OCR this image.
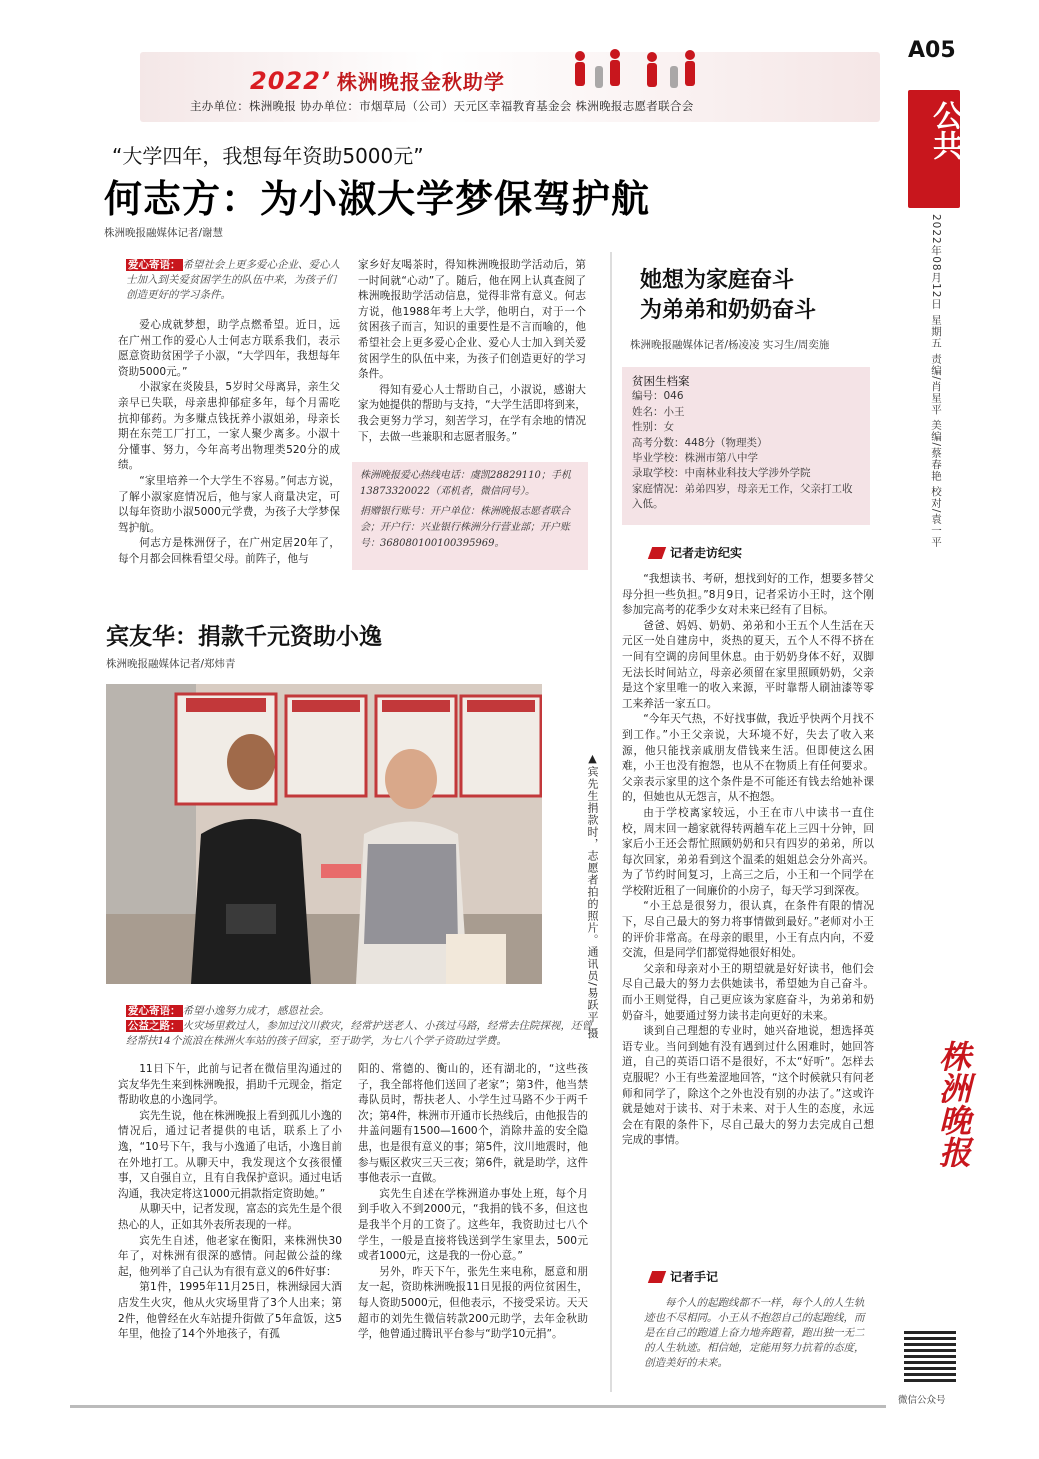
2022’ 株洲晚报金秋助学
主办单位：株洲晚报 协办单位：市烟草局（公司）天元区幸福教育基金会 株洲晚报志愿者联合会
A05
公共
2022年08月12日 星期五 责编/肖星平 美编/蔡春艳 校对/袁一平
“大学四年，我想每年资助5000元”
何志方：为小淑大学梦保驾护航
株洲晚报融媒体记者/谢慧
爱心寄语： 希望社会上更多爱心企业、爱心人士加入到关爱贫困学生的队伍中来，为孩子们创造更好的学习条件。

爱心成就梦想，助学点燃希望。近日，远在广州工作的爱心人士何志方联系我们，表示愿意资助贫困学子小淑，“大学四年，我想每年资助5000元。”

小淑家在炎陵县，5岁时父母离异，亲生父亲早已失联，母亲患抑郁症多年，每个月需吃抗抑郁药。为多赚点钱抚养小淑姐弟，母亲长期在东莞工厂打工，一家人聚少离多。小淑十分懂事、努力，今年高考出物理类520分的成绩。

“家里培养一个大学生不容易。”何志方说，了解小淑家庭情况后，他与家人商量决定，可以每年资助小淑5000元学费，为孩子大学梦保驾护航。

何志方是株洲伢子，在广州定居20年了，每个月都会回株看望父母。前阵子，他与

家乡好友喝茶时，得知株洲晚报助学活动后，第一时间就“心动”了。随后，他在网上认真查阅了株洲晚报助学活动信息，觉得非常有意义。何志方说，他1988年考上大学，他明白，对于一个贫困孩子而言，知识的重要性是不言而喻的，他希望社会上更多爱心企业、爱心人士加入到关爱贫困学生的队伍中来，为孩子们创造更好的学习条件。

得知有爱心人士帮助自己，小淑说，感谢大家为她提供的帮助与支持，“大学生活即将到来，我会更努力学习，刻苦学习，在学有余地的情况下，去做一些兼职和志愿者服务。”

株洲晚报爱心热线电话：虞凯28829110；手机13873320022（邓机者，微信同号）。
捐赠银行账号：开户单位：株洲晚报志愿者联合会；开户行：兴业银行株洲分行营业部；开户账号：368080100100395969。
宾友华：捐款千元资助小逸
株洲晚报融媒体记者/郑炜青
▲宾先生捐款时，志愿者拍的照片。通讯员/易跃平 摄
爱心寄语： 希望小逸努力成才，感恩社会。
公益之路： 火灾场里救过人，参加过汶川救灾，经常护送老人、小孩过马路，经常去住院探视，还曾经帮扶14个流浪在株洲火车站的孩子回家，至于助学，为七八个学子资助过学费。

11日下午，此前与记者在微信里沟通过的宾友华先生来到株洲晚报，捐助千元现金，指定帮助收息的小逸同学。

宾先生说，他在株洲晚报上看到孤儿小逸的情况后，通过记者提供的电话，联系上了小逸，“10号下午，我与小逸通了电话，小逸目前在外地打工。从聊天中，我发现这个女孩很懂事，又自强自立，且有自我保护意识。通过电话沟通，我决定将这1000元捐款指定资助她。”

从聊天中，记者发现，富态的宾先生是个很热心的人，正如其外表所表现的一样。

宾先生自述，他老家在衡阳，来株洲快30年了，对株洲有很深的感情。问起做公益的缘起，他列举了自己认为有很有意义的6件好事：

第1件，1995年11月25日，株洲绿园大酒店发生火灾，他从火灾场里背了3个人出来；第2件，他曾经在火车站提升街做了5年盒饭，这5年里，他捡了14个外地孩子，有孤

阳的、常德的、衡山的，还有湖北的，“这些孩子，我全部将他们送回了老家”；第3件，他当禁毒队员时，帮扶老人、小学生过马路不少于两千次；第4件，株洲市开通市长热线后，由他报告的井盖问题有1500—1600个，消除井盖的安全隐患，也是很有意义的事；第5件，汶川地震时，他参与赈区救灾三天三夜；第6件，就是助学，这件事他表示一直做。

宾先生自述在学株洲道办事处上班，每个月到手收入不到2000元，“我捐的钱不多，但这也是我半个月的工资了。这些年，我资助过七八个学生，一般是直接将钱送到学生家里去，500元或者1000元，这是我的一份心意。”

另外，昨天下午，张先生来电称，愿意和朋友一起，资助株洲晚报11日见报的两位贫困生，每人资助5000元，但他表示，不接受采访。天天超市的刘先生微信转款200元助学，去年金秋助学，他曾通过腾讯平台参与“助学10元捐”。

她想为家庭奋斗
为弟弟和奶奶奋斗
株洲晚报融媒体记者/杨凌凌 实习生/周奕施
贫困生档案
编号：046
姓名：小王
性别：女
高考分数：448分（物理类）
毕业学校：株洲市第八中学
录取学校：中南林业科技大学涉外学院
家庭情况：弟弟四岁，母亲无工作，父亲打工收入低。
记者走访纪实

“我想读书、考研，想找到好的工作，想要多替父母分担一些负担。”8月9日，记者采访小王时，这个刚参加完高考的花季少女对未来已经有了目标。

爸爸、妈妈、奶奶、弟弟和小王五个人生活在天元区一处自建房中，炎热的夏天，五个人不得不挤在一间有空调的房间里休息。由于奶奶身体不好，双脚无法长时间站立，母亲必须留在家里照顾奶奶，父亲是这个家里唯一的收入来源，平时靠帮人刷油漆等零工来养活一家五口。

“今年天气热，不好找事做，我近乎快两个月找不到工作。”小王父亲说，大环境不好，失去了收入来源，他只能找亲戚朋友借钱来生活。但即使这么困难，小王也没有抱怨，也从不在物质上有任何要求。父亲表示家里的这个条件是不可能还有钱去给她补课的，但她也从无怨言，从不抱怨。

由于学校离家较远，小王在市八中读书一直住校，周末回一趟家就得转两趟车花上三四十分钟，回家后小王还会帮忙照顾奶奶和只有四岁的弟弟，所以每次回家，弟弟看到这个温柔的姐姐总会分外高兴。为了节约时间复习，上高三之后，小王和一个同学在学校附近租了一间廉价的小房子，每天学习到深夜。

“小王总是很努力，很认真，在条件有限的情况下，尽自己最大的努力将事情做到最好。”老师对小王的评价非常高。在母亲的眼里，小王有点内向，不爱交流，但是同学们都觉得她很好相处。

父亲和母亲对小王的期望就是好好读书，他们会尽自己最大的努力去供她读书，希望她为自己奋斗。而小王则觉得，自己更应该为家庭奋斗，为弟弟和奶奶奋斗，她要通过努力读书走向更好的未来。

谈到自己理想的专业时，她兴奋地说，想选择英语专业。当问到她有没有遇到过什么困难时，她回答道，自己的英语口语不是很好，不太“好听”。怎样去克服呢？小王有些羞涩地回答，“这个时候就只有问老师和同学了，除这个之外也没有别的办法了。”这或许就是她对于读书、对于未来、对于人生的态度，永远会在有限的条件下，尽自己最大的努力去完成自己想完成的事情。

记者手记
每个人的起跑线都不一样，每个人的人生轨迹也不尽相同。小王从不抱怨自己的起跑线，而是在自己的跑道上奋力地奔跑着，跑出独一无二的人生轨迹。相信她，定能用努力抗着的态度，创造美好的未来。
株洲晚报
微信公众号
